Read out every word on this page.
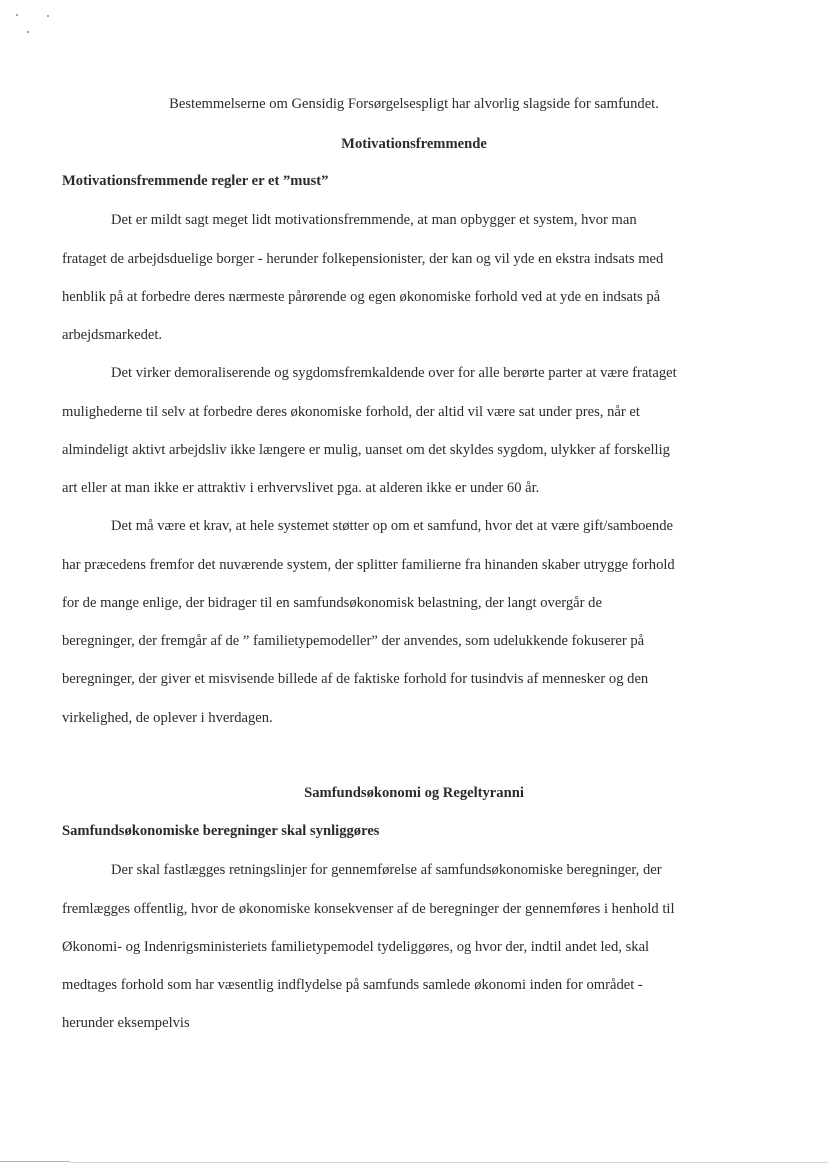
Bestemmelserne om Gensidig Forsørgelsespligt har alvorlig slagside for samfundet.
Motivationsfremmende
Motivationsfremmende regler er et ”must”
Det er mildt sagt meget lidt motivationsfremmende, at man opbygger et system, hvor man
frataget de arbejdsduelige borger - herunder folkepensionister, der kan og vil yde en ekstra indsats med
henblik på at forbedre deres nærmeste pårørende og egen økonomiske forhold ved at yde en indsats på
arbejdsmarkedet.
Det virker demoraliserende og sygdomsfremkaldende over for alle berørte parter at være frataget
mulighederne til selv at forbedre deres økonomiske forhold, der altid vil være sat under pres, når et
almindeligt aktivt arbejdsliv ikke længere er mulig, uanset om det skyldes sygdom, ulykker af forskellig
art eller at man ikke er attraktiv i erhvervslivet pga. at alderen ikke er under 60 år.
Det må være et krav, at hele systemet støtter op om et samfund, hvor det at være gift/samboende
har præcedens fremfor det nuværende system, der splitter familierne fra hinanden skaber utrygge forhold
for de mange enlige, der bidrager til en samfundsøkonomisk belastning, der langt overgår de
beregninger, der fremgår af de ” familietypemodeller” der anvendes, som udelukkende fokuserer på
beregninger, der giver et misvisende billede af de faktiske forhold for tusindvis af mennesker og den
virkelighed, de oplever i hverdagen.
Samfundsøkonomi og Regeltyranni
Samfundsøkonomiske beregninger skal synliggøres
Der skal fastlægges retningslinjer for gennemførelse af samfundsøkonomiske beregninger, der
fremlægges offentlig, hvor de økonomiske konsekvenser af de beregninger der gennemføres i henhold til
Økonomi- og Indenrigsministeriets familietypemodel tydeliggøres, og hvor der, indtil andet led, skal
medtages forhold som har væsentlig indflydelse på samfunds samlede økonomi inden for området -
herunder eksempelvis
